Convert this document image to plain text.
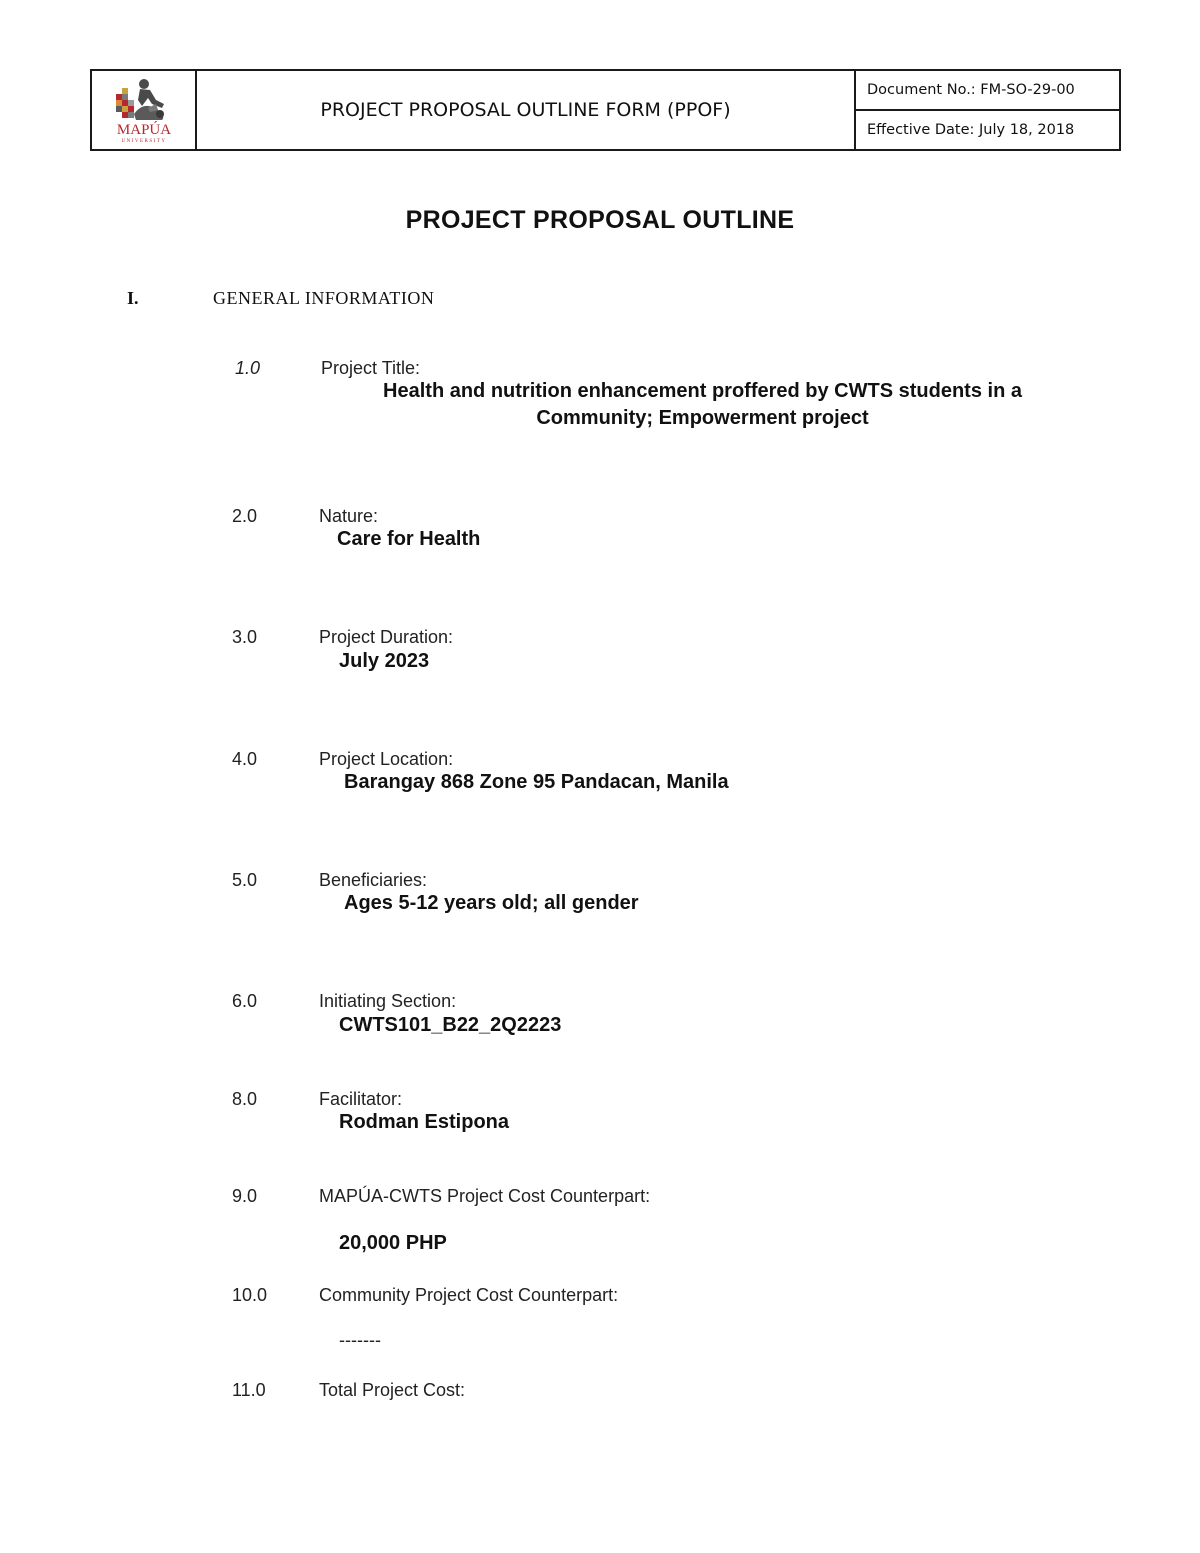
MAPÚA
UNIVERSITY
PROJECT PROPOSAL OUTLINE FORM (PPOF)
Document No.: FM-SO-29-00
Effective Date: July 18, 2018
PROJECT PROPOSAL OUTLINE
I.	GENERAL INFORMATION
1.0	Project Title:
Health and nutrition enhancement proffered by CWTS students in a Community; Empowerment project
2.0	Nature:
Care for Health
3.0	Project Duration:
July 2023
4.0	Project Location:
Barangay 868 Zone 95 Pandacan, Manila
5.0	Beneficiaries:
Ages 5-12 years old; all gender
6.0	Initiating Section:
CWTS101_B22_2Q2223
8.0	Facilitator:
Rodman Estipona
9.0	MAPÚA-CWTS Project Cost Counterpart:
20,000 PHP
10.0	Community Project Cost Counterpart:
-------
11.0	Total Project Cost:
